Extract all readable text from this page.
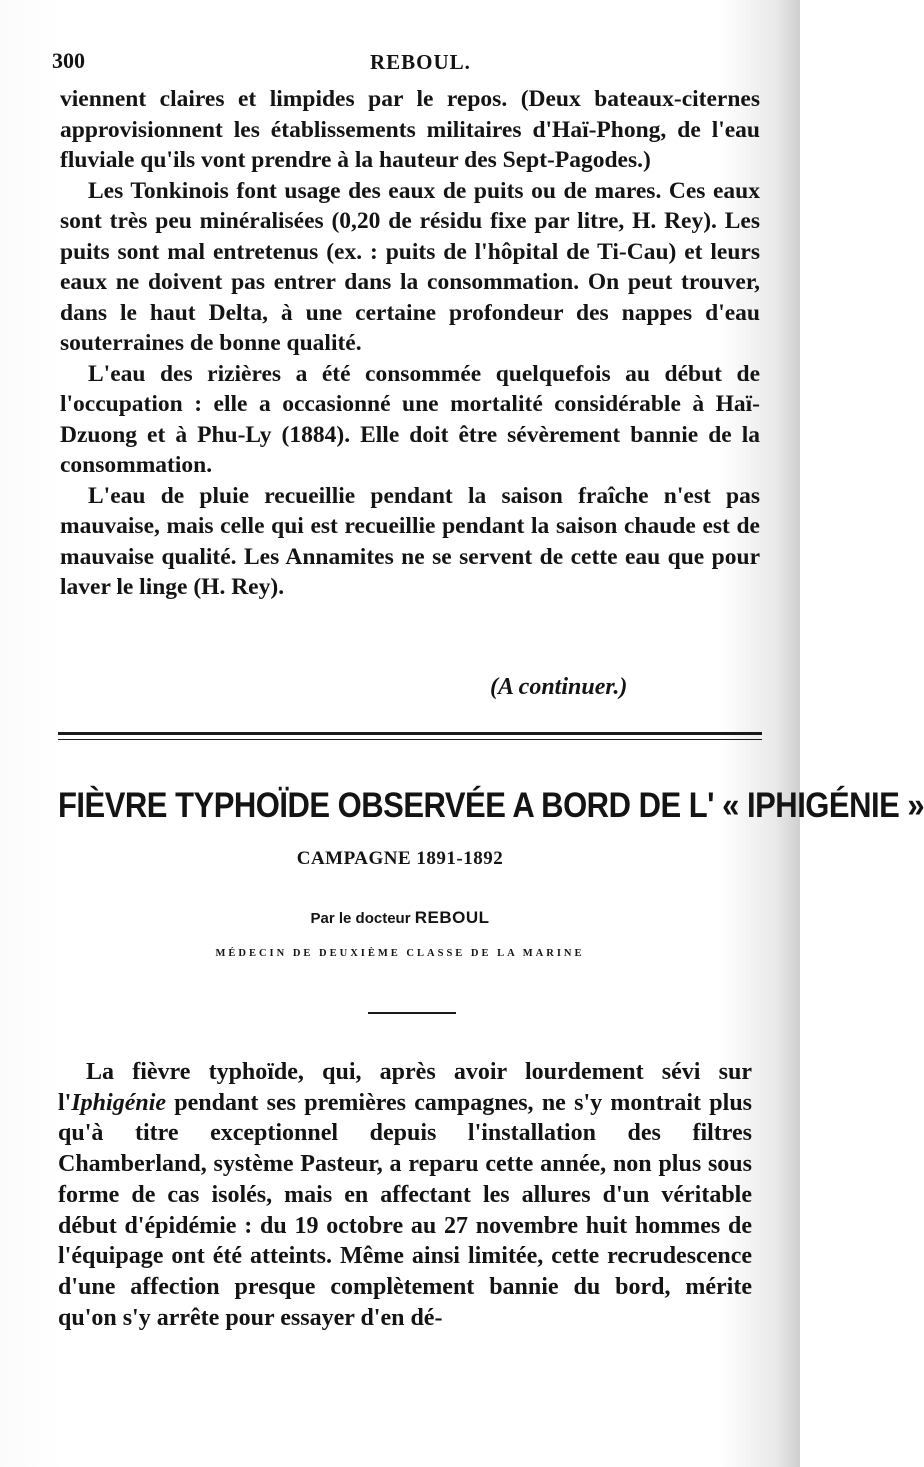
300	REBOUL.

viennent claires et limpides par le repos. (Deux bateaux-citernes approvisionnent les établissements militaires d'Haï-Phong, de l'eau fluviale qu'ils vont prendre à la hauteur des Sept-Pagodes.)

Les Tonkinois font usage des eaux de puits ou de mares. Ces eaux sont très peu minéralisées (0,20 de résidu fixe par litre, H. Rey). Les puits sont mal entretenus (ex. : puits de l'hôpital de Ti-Cau) et leurs eaux ne doivent pas entrer dans la consommation. On peut trouver, dans le haut Delta, à une certaine profondeur des nappes d'eau souterraines de bonne qualité.

L'eau des rizières a été consommée quelquefois au début de l'occupation : elle a occasionné une mortalité considérable à Haï-Dzuong et à Phu-Ly (1884). Elle doit être sévèrement bannie de la consommation.

L'eau de pluie recueillie pendant la saison fraîche n'est pas mauvaise, mais celle qui est recueillie pendant la saison chaude est de mauvaise qualité. Les Annamites ne se servent de cette eau que pour laver le linge (H. Rey).

(A continuer.)
FIÈVRE TYPHOÏDE OBSERVÉE A BORD DE L' « IPHIGÉNIE »
CAMPAGNE 1891-1892
Par le docteur REBOUL
MÉDECIN DE DEUXIÈME CLASSE DE LA MARINE

La fièvre typhoïde, qui, après avoir lourdement sévi sur l'Iphigénie pendant ses premières campagnes, ne s'y montrait plus qu'à titre exceptionnel depuis l'installation des filtres Chamberland, système Pasteur, a reparu cette année, non plus sous forme de cas isolés, mais en affectant les allures d'un véritable début d'épidémie : du 19 octobre au 27 novembre huit hommes de l'équipage ont été atteints. Même ainsi limitée, cette recrudescence d'une affection presque complètement bannie du bord, mérite qu'on s'y arrête pour essayer d'en dé-
